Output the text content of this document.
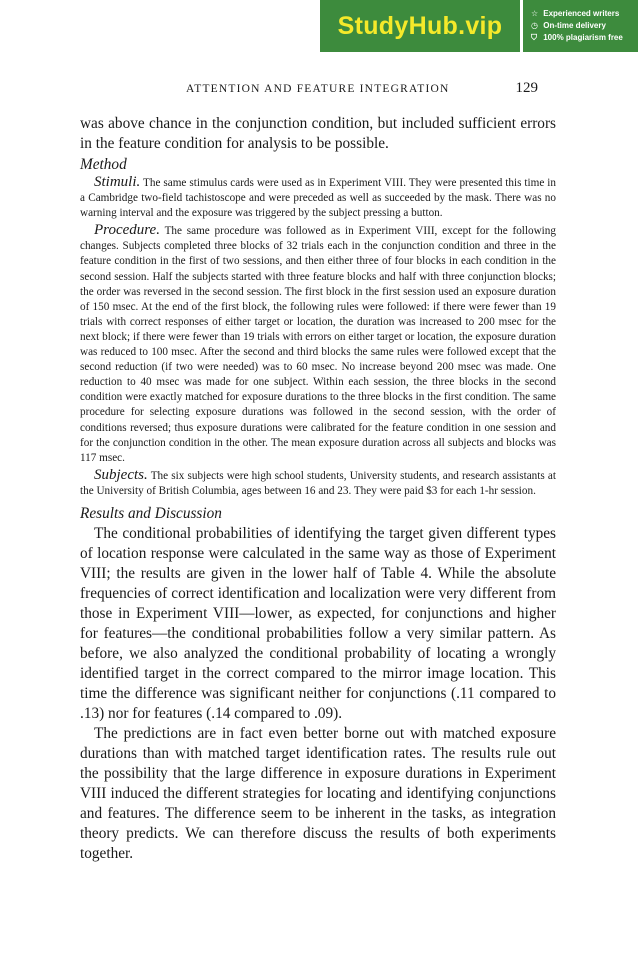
StudyHub.vip	☆ Experienced writers
◷ On-time delivery
⛉ 100% plagiarism free
ATTENTION AND FEATURE INTEGRATION	129

was above chance in the conjunction condition, but included sufficient errors in the feature condition for analysis to be possible.

Method

Stimuli. The same stimulus cards were used as in Experiment VIII. They were presented this time in a Cambridge two-field tachistoscope and were preceded as well as succeeded by the mask. There was no warning interval and the exposure was triggered by the subject pressing a button.

Procedure. The same procedure was followed as in Experiment VIII, except for the following changes. Subjects completed three blocks of 32 trials each in the conjunction condition and three in the feature condition in the first of two sessions, and then either three of four blocks in each condition in the second session. Half the subjects started with three feature blocks and half with three conjunction blocks; the order was reversed in the second session. The first block in the first session used an exposure duration of 150 msec. At the end of the first block, the following rules were followed: if there were fewer than 19 trials with correct responses of either target or location, the duration was increased to 200 msec for the next block; if there were fewer than 19 trials with errors on either target or location, the exposure duration was reduced to 100 msec. After the second and third blocks the same rules were followed except that the second reduction (if two were needed) was to 60 msec. No increase beyond 200 msec was made. One reduction to 40 msec was made for one subject. Within each session, the three blocks in the second condition were exactly matched for exposure durations to the three blocks in the first condition. The same procedure for selecting exposure durations was followed in the second session, with the order of conditions reversed; thus exposure durations were calibrated for the feature condition in one session and for the conjunction condition in the other. The mean exposure duration across all subjects and blocks was 117 msec.

Subjects. The six subjects were high school students, University students, and research assistants at the University of British Columbia, ages between 16 and 23. They were paid $3 for each 1-hr session.

Results and Discussion

The conditional probabilities of identifying the target given different types of location response were calculated in the same way as those of Experiment VIII; the results are given in the lower half of Table 4. While the absolute frequencies of correct identification and localization were very different from those in Experiment VIII—lower, as expected, for conjunctions and higher for features—the conditional probabilities follow a very similar pattern. As before, we also analyzed the conditional probability of locating a wrongly identified target in the correct compared to the mirror image location. This time the difference was significant neither for conjunctions (.11 compared to .13) nor for features (.14 compared to .09).

The predictions are in fact even better borne out with matched exposure durations than with matched target identification rates. The results rule out the possibility that the large difference in exposure durations in Experiment VIII induced the different strategies for locating and identifying conjunctions and features. The difference seem to be inherent in the tasks, as integration theory predicts. We can therefore discuss the results of both experiments together.
